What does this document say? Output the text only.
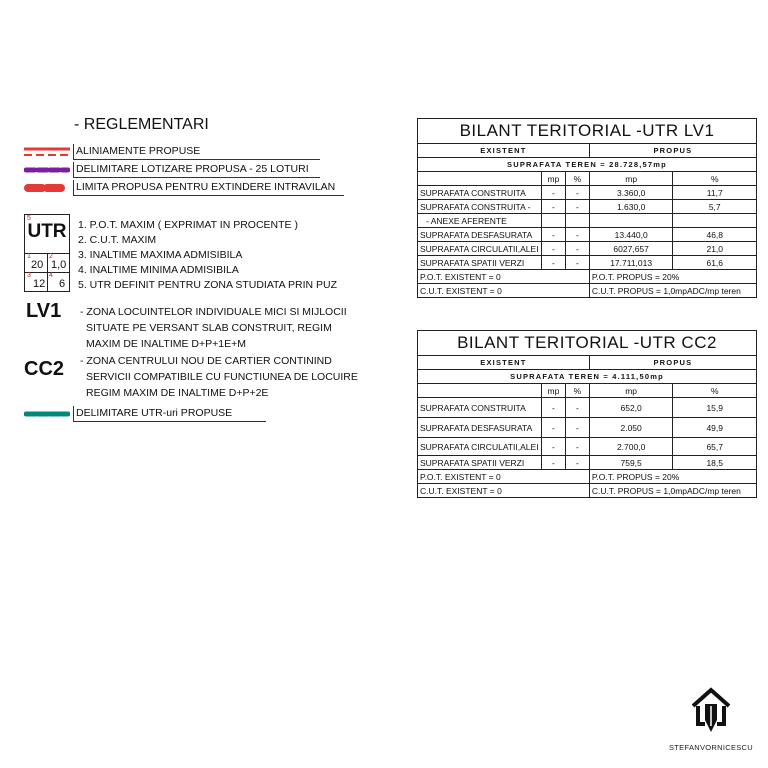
- REGLEMENTARI
ALINIAMENTE PROPUSE
DELIMITARE LOTIZARE PROPUSA - 25 LOTURI
LIMITA PROPUSA PENTRU EXTINDERE INTRAVILAN
5
UTR
1	2
20 1,0
3	4
12 6
1. P.O.T. MAXIM ( EXPRIMAT IN PROCENTE )
2. C.U.T. MAXIM
3. INALTIME MAXIMA ADMISIBILA
4. INALTIME MINIMA ADMISIBILA
5. UTR DEFINIT PENTRU ZONA STUDIATA PRIN PUZ
LV1 - ZONA LOCUINTELOR INDIVIDUALE MICI SI MIJLOCII
SITUATE PE VERSANT SLAB CONSTRUIT, REGIM
MAXIM DE INALTIME D+P+1E+M
CC2 - ZONA CENTRULUI NOU DE CARTIER CONTININD
SERVICII COMPATIBILE CU FUNCTIUNEA DE LOCUIRE
REGIM MAXIM DE INALTIME D+P+2E
DELIMITARE UTR-uri PROPUSE
BILANT TERITORIAL -UTR LV1				
EXISTENT			PROPUS	
SUPRAFATA TEREN = 28.728,57mp				
	mp	%	mp	%
SUPRAFATA CONSTRUITA	-	-	3.360,0	11,7
SUPRAFATA CONSTRUITA -	-	-	1.630,0	5,7
- ANEXE AFERENTE				
SUPRAFATA DESFASURATA	-	-	13.440,0	46,8
SUPRAFATA CIRCULATII,ALEI	-	-	6027,657	21,0
SUPRAFATA SPATII VERZI	-	-	17.711,013	61,6
P.O.T. EXISTENT = 0			P.O.T. PROPUS = 20%	
C.U.T. EXISTENT = 0			C.U.T. PROPUS = 1,0mpADC/mp teren	
BILANT TERITORIAL -UTR CC2				
EXISTENT			PROPUS	
SUPRAFATA TEREN = 4.111,50mp				
	mp	%	mp	%
SUPRAFATA CONSTRUITA	-	-	652,0	15,9
SUPRAFATA DESFASURATA	-	-	2.050	49,9
SUPRAFATA CIRCULATII,ALEI	-	-	2.700,0	65,7
SUPRAFATA SPATII VERZI	-	-	759,5	18,5
P.O.T. EXISTENT = 0			P.O.T. PROPUS = 20%	
C.U.T. EXISTENT = 0			C.U.T. PROPUS = 1,0mpADC/mp teren	
STEFANVORNICESCU
